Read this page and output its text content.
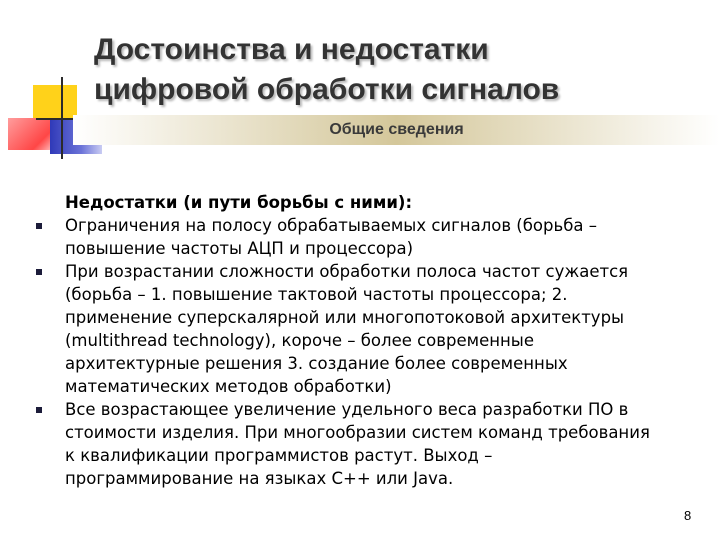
Достоинства и недостатки
цифровой обработки сигналов
Общие сведения
Недостатки (и пути борьбы с ними):
Ограничения на полосу обрабатываемых сигналов (борьба –
повышение частоты АЦП и процессора)
При возрастании сложности обработки полоса частот сужается
(борьба – 1. повышение тактовой частоты процессора; 2.
применение суперскалярной или многопотоковой архитектуры
(multithread technology), короче – более современные
архитектурные решения 3. создание более современных
математических методов обработки)
Все возрастающее увеличение удельного веса разработки ПО в
стоимости изделия. При многообразии систем команд требования
к квалификации программистов растут. Выход –
программирование на языках С++ или Java.
8
